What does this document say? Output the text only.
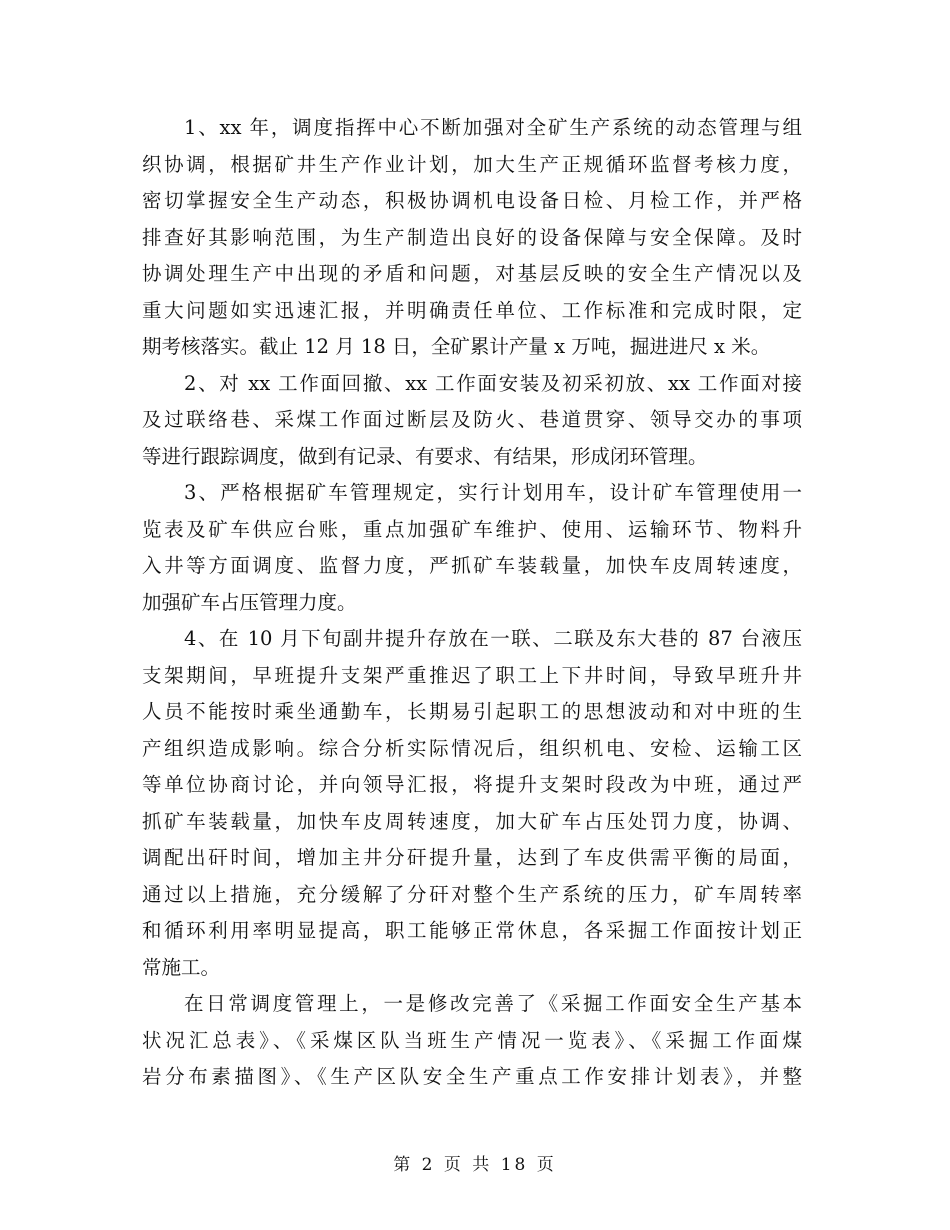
1、xx 年，调度指挥中心不断加强对全矿生产系统的动态管理与组
织协调，根据矿井生产作业计划，加大生产正规循环监督考核力度，
密切掌握安全生产动态，积极协调机电设备日检、月检工作，并严格
排查好其影响范围，为生产制造出良好的设备保障与安全保障。及时
协调处理生产中出现的矛盾和问题，对基层反映的安全生产情况以及
重大问题如实迅速汇报，并明确责任单位、工作标准和完成时限，定
期考核落实。截止 12 月 18 日，全矿累计产量 x 万吨，掘进进尺 x 米。
2、对 xx 工作面回撤、xx 工作面安装及初采初放、xx 工作面对接
及过联络巷、采煤工作面过断层及防火、巷道贯穿、领导交办的事项
等进行跟踪调度，做到有记录、有要求、有结果，形成闭环管理。
3、严格根据矿车管理规定，实行计划用车，设计矿车管理使用一
览表及矿车供应台账，重点加强矿车维护、使用、运输环节、物料升
入井等方面调度、监督力度，严抓矿车装载量，加快车皮周转速度，
加强矿车占压管理力度。
4、在 10 月下旬副井提升存放在一联、二联及东大巷的 87 台液压
支架期间，早班提升支架严重推迟了职工上下井时间，导致早班升井
人员不能按时乘坐通勤车，长期易引起职工的思想波动和对中班的生
产组织造成影响。综合分析实际情况后，组织机电、安检、运输工区
等单位协商讨论，并向领导汇报，将提升支架时段改为中班，通过严
抓矿车装载量，加快车皮周转速度，加大矿车占压处罚力度，协调、
调配出矸时间，增加主井分矸提升量，达到了车皮供需平衡的局面，
通过以上措施，充分缓解了分矸对整个生产系统的压力，矿车周转率
和循环利用率明显提高，职工能够正常休息，各采掘工作面按计划正
常施工。
在日常调度管理上，一是修改完善了《采掘工作面安全生产基本
状况汇总表》、《采煤区队当班生产情况一览表》、《采掘工作面煤
岩分布素描图》、《生产区队安全生产重点工作安排计划表》，并整
第 2 页 共 18 页
